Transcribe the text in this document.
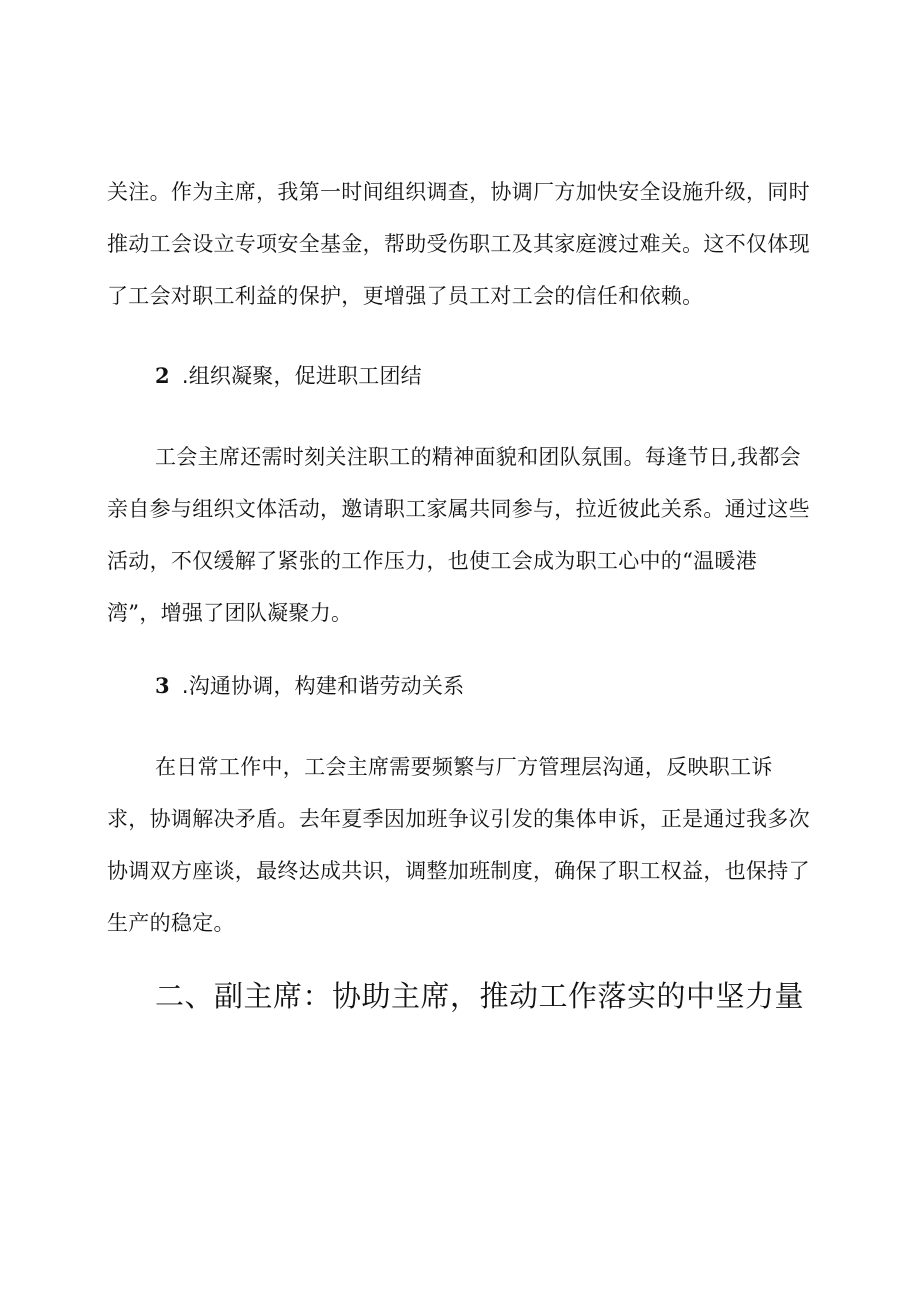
关注。作为主席，我第一时间组织调查，协调厂方加快安全设施升级，同时
推动工会设立专项安全基金，帮助受伤职工及其家庭渡过难关。这不仅体现
了工会对职工利益的保护，更增强了员工对工会的信任和依赖。

2 .组织凝聚，促进职工团结

工会主席还需时刻关注职工的精神面貌和团队氛围。每逢节日,我都会
亲自参与组织文体活动，邀请职工家属共同参与，拉近彼此关系。通过这些
活动，不仅缓解了紧张的工作压力，也使工会成为职工心中的“温暖港
湾”，增强了团队凝聚力。

3 .沟通协调，构建和谐劳动关系

在日常工作中，工会主席需要频繁与厂方管理层沟通，反映职工诉
求，协调解决矛盾。去年夏季因加班争议引发的集体申诉，正是通过我多次
协调双方座谈，最终达成共识，调整加班制度，确保了职工权益，也保持了
生产的稳定。

二、副主席：协助主席，推动工作落实的中坚力量
